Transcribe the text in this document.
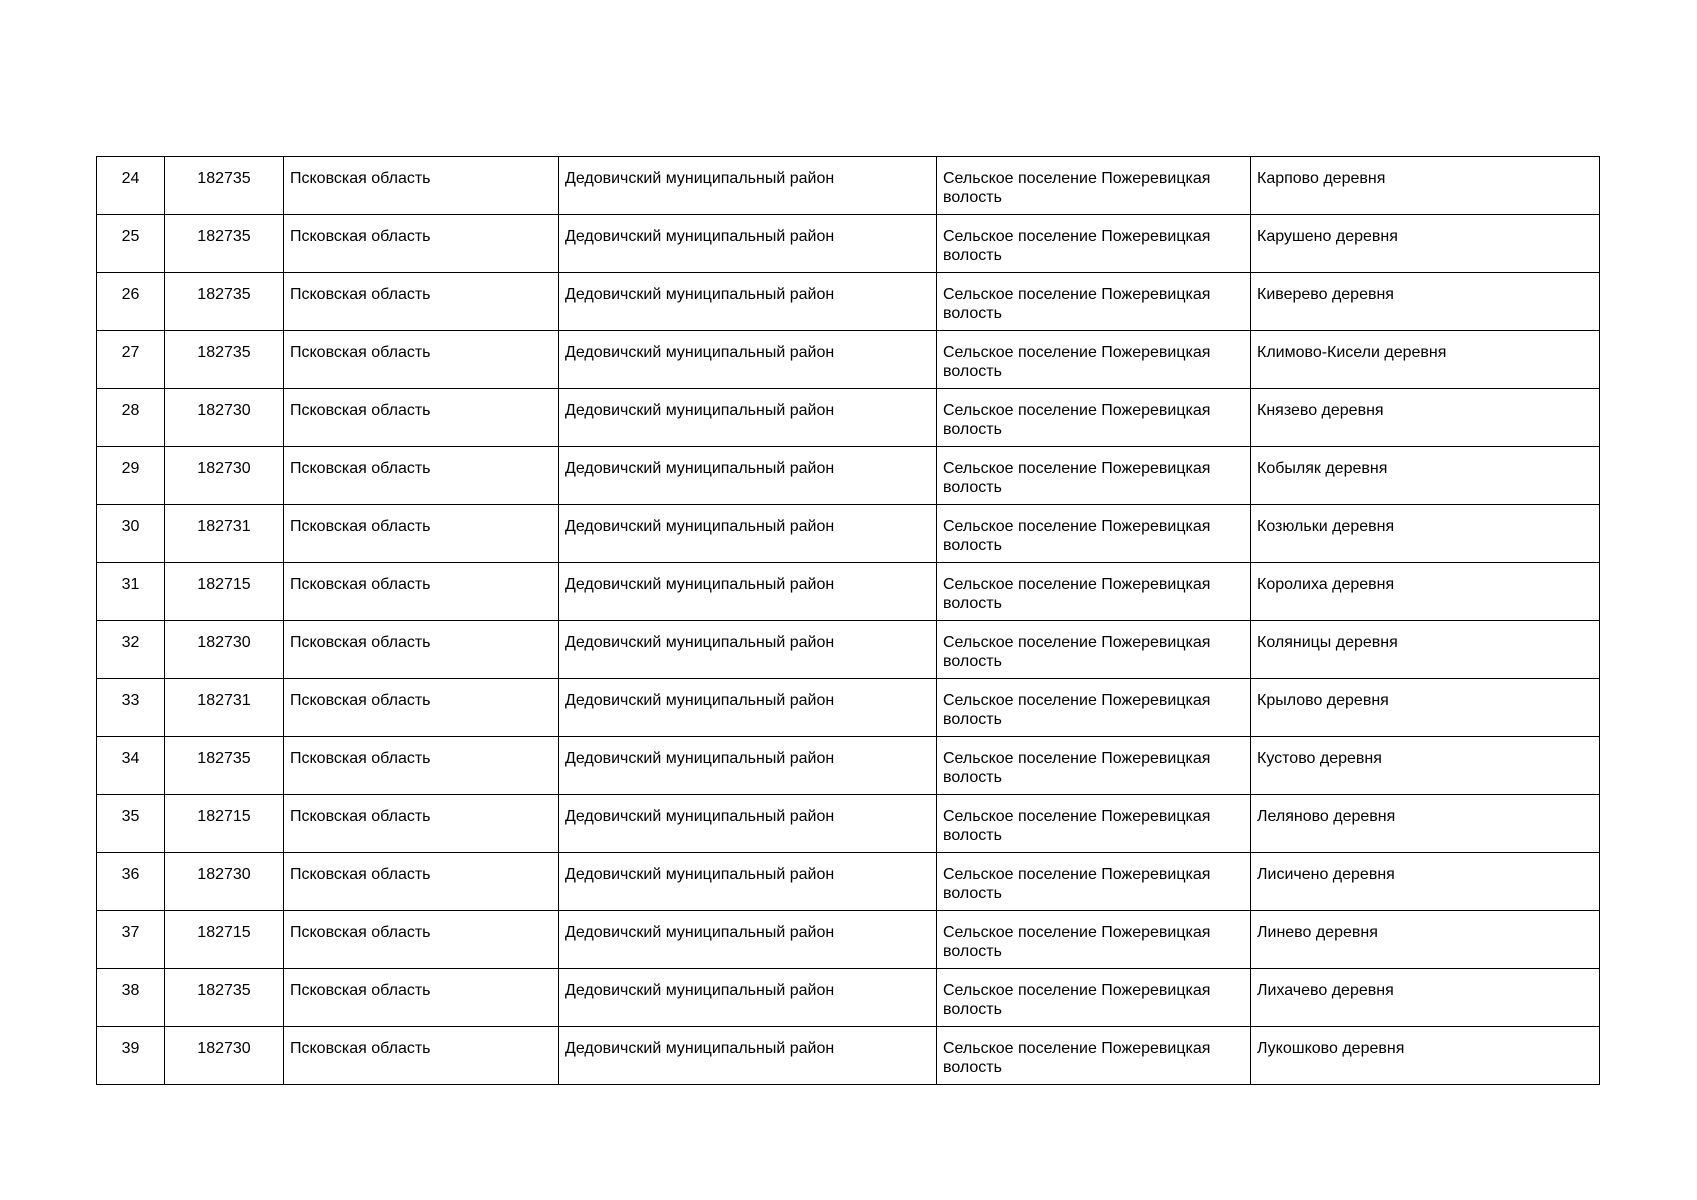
24	182735	Псковская область	Дедовичский муниципальный район	Сельское поселение Пожеревицкая волость	Карпово деревня
25	182735	Псковская область	Дедовичский муниципальный район	Сельское поселение Пожеревицкая волость	Карушено деревня
26	182735	Псковская область	Дедовичский муниципальный район	Сельское поселение Пожеревицкая волость	Киверево деревня
27	182735	Псковская область	Дедовичский муниципальный район	Сельское поселение Пожеревицкая волость	Климово-Кисели деревня
28	182730	Псковская область	Дедовичский муниципальный район	Сельское поселение Пожеревицкая волость	Князево деревня
29	182730	Псковская область	Дедовичский муниципальный район	Сельское поселение Пожеревицкая волость	Кобыляк деревня
30	182731	Псковская область	Дедовичский муниципальный район	Сельское поселение Пожеревицкая волость	Козюльки деревня
31	182715	Псковская область	Дедовичский муниципальный район	Сельское поселение Пожеревицкая волость	Королиха деревня
32	182730	Псковская область	Дедовичский муниципальный район	Сельское поселение Пожеревицкая волость	Коляницы деревня
33	182731	Псковская область	Дедовичский муниципальный район	Сельское поселение Пожеревицкая волость	Крылово деревня
34	182735	Псковская область	Дедовичский муниципальный район	Сельское поселение Пожеревицкая волость	Кустово деревня
35	182715	Псковская область	Дедовичский муниципальный район	Сельское поселение Пожеревицкая волость	Леляново деревня
36	182730	Псковская область	Дедовичский муниципальный район	Сельское поселение Пожеревицкая волость	Лисичено деревня
37	182715	Псковская область	Дедовичский муниципальный район	Сельское поселение Пожеревицкая волость	Линево деревня
38	182735	Псковская область	Дедовичский муниципальный район	Сельское поселение Пожеревицкая волость	Лихачево деревня
39	182730	Псковская область	Дедовичский муниципальный район	Сельское поселение Пожеревицкая волость	Лукошково деревня
